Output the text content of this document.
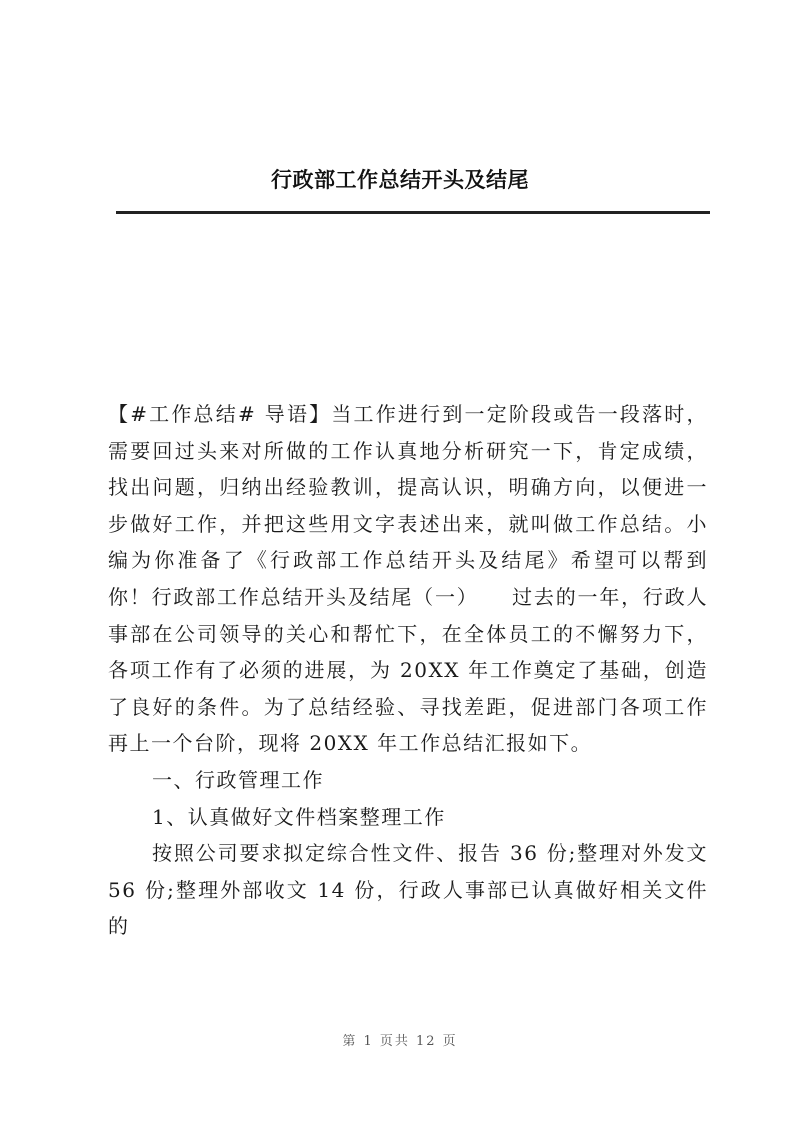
行政部工作总结开头及结尾

【#工作总结# 导语】当工作进行到一定阶段或告一段落时，需要回过头来对所做的工作认真地分析研究一下，肯定成绩，找出问题，归纳出经验教训，提高认识，明确方向，以便进一步做好工作，并把这些用文字表述出来，就叫做工作总结。小编为你准备了《行政部工作总结开头及结尾》希望可以帮到你！行政部工作总结开头及结尾（一）　　过去的一年，行政人事部在公司领导的关心和帮忙下，在全体员工的不懈努力下，各项工作有了必须的进展，为 20XX 年工作奠定了基础，创造了良好的条件。为了总结经验、寻找差距，促进部门各项工作再上一个台阶，现将 20XX 年工作总结汇报如下。

一、行政管理工作

1、认真做好文件档案整理工作

按照公司要求拟定综合性文件、报告 36 份;整理对外发文 56 份;整理外部收文 14 份，行政人事部已认真做好相关文件的

第 1 页共 12 页
